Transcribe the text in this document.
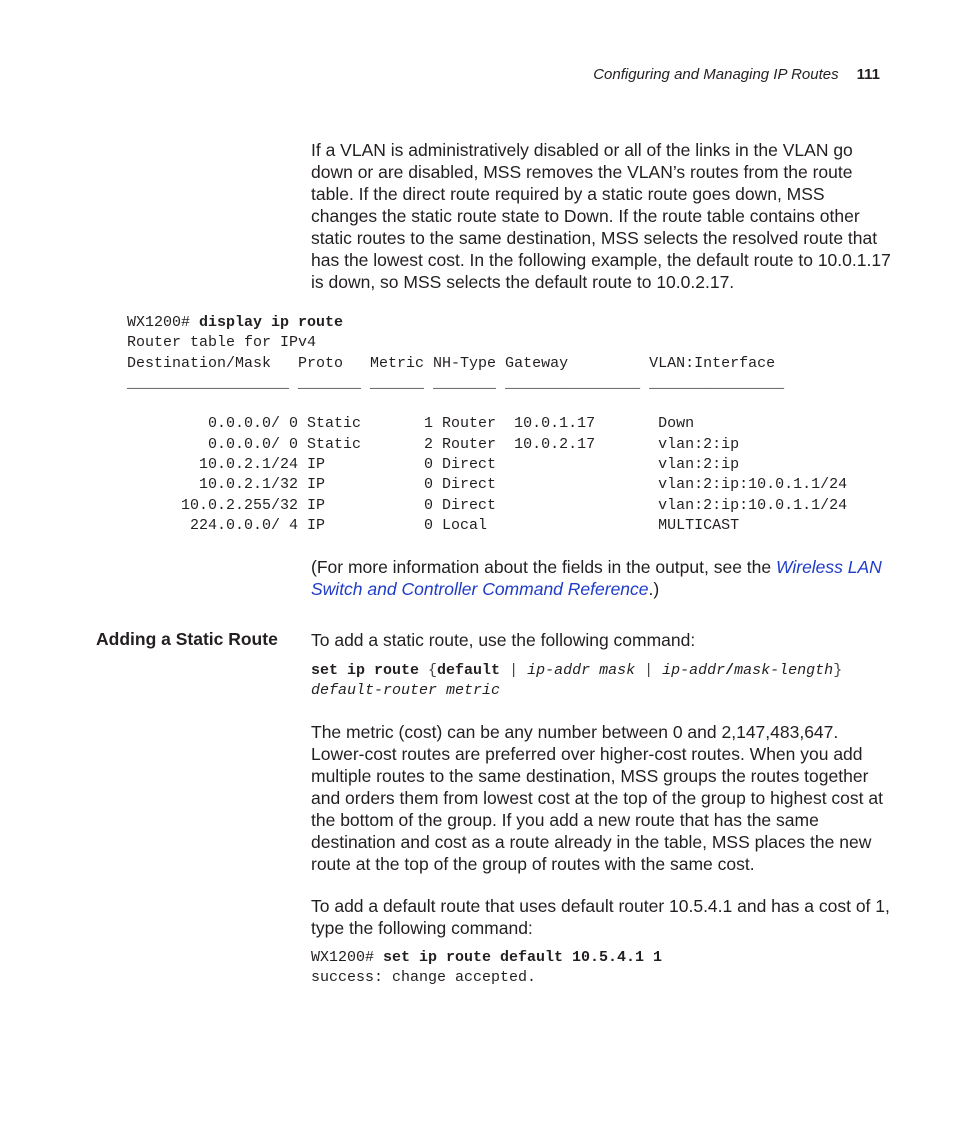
Configuring and Managing IP Routes 111

If a VLAN is administratively disabled or all of the links in the VLAN go down or are disabled, MSS removes the VLAN’s routes from the route table. If the direct route required by a static route goes down, MSS changes the static route state to Down. If the route table contains other static routes to the same destination, MSS selects the resolved route that has the lowest cost. In the following example, the default route to 10.0.1.17 is down, so MSS selects the default route to 10.0.2.17.

WX1200# display ip route
Router table for IPv4
Destination/Mask   Proto   Metric NH-Type Gateway         VLAN:Interface
__________________ _______ ______ _______ _______________ _______________

0.0.0.0/ 0 Static       1 Router  10.0.1.17       Down
0.0.0.0/ 0 Static       2 Router  10.0.2.17       vlan:2:ip
10.0.2.1/24 IP           0 Direct                  vlan:2:ip
10.0.2.1/32 IP           0 Direct                  vlan:2:ip:10.0.1.1/24
10.0.2.255/32 IP           0 Direct                  vlan:2:ip:10.0.1.1/24
224.0.0.0/ 4 IP           0 Local                   MULTICAST

(For more information about the fields in the output, see the Wireless LAN Switch and Controller Command Reference.)

Adding a Static Route To add a static route, use the following command:

set ip route {default | ip-addr mask | ip-addr/mask-length}
default-router metric

The metric (cost) can be any number between 0 and 2,147,483,647. Lower-cost routes are preferred over higher-cost routes. When you add multiple routes to the same destination, MSS groups the routes together and orders them from lowest cost at the top of the group to highest cost at the bottom of the group. If you add a new route that has the same destination and cost as a route already in the table, MSS places the new route at the top of the group of routes with the same cost.

To add a default route that uses default router 10.5.4.1 and has a cost of 1, type the following command:

WX1200# set ip route default 10.5.4.1 1
success: change accepted.
